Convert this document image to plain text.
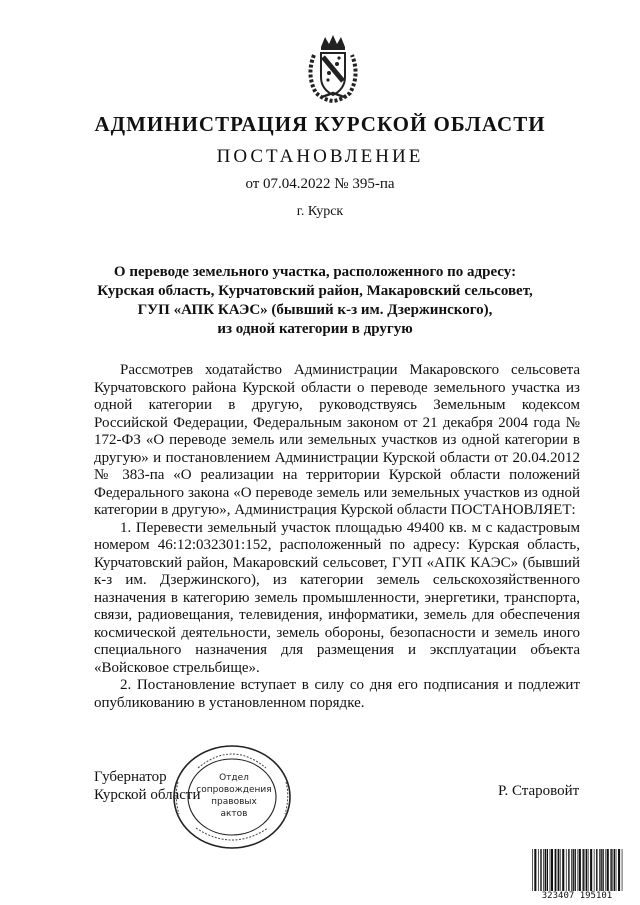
АДМИНИСТРАЦИЯ КУРСКОЙ ОБЛАСТИ
ПОСТАНОВЛЕНИЕ
от 07.04.2022 № 395-па
г. Курск
О переводе земельного участка, расположенного по адресу:
Курская область, Курчатовский район, Макаровский сельсовет,
ГУП «АПК КАЭС» (бывший к-з им. Дзержинского),
из одной категории в другую

Рассмотрев ходатайство Администрации Макаровского сельсовета Курчатовского района Курской области о переводе земельного участка из одной категории в другую, руководствуясь Земельным кодексом Российской Федерации, Федеральным законом от 21 декабря 2004 года № 172-ФЗ «О переводе земель или земельных участков из одной категории в другую» и постановлением Администрации Курской области от 20.04.2012 № 383-па «О реализации на территории Курской области положений Федерального закона «О переводе земель или земельных участков из одной категории в другую», Администрация Курской области ПОСТАНОВЛЯЕТ:

1. Перевести земельный участок площадью 49400 кв. м с кадастровым номером 46:12:032301:152, расположенный по адресу: Курская область, Курчатовский район, Макаровский сельсовет, ГУП «АПК КАЭС» (бывший к-з им. Дзержинского), из категории земель сельскохозяйственного назначения в категорию земель промышленности, энергетики, транспорта, связи, радиовещания, телевидения, информатики, земель для обеспечения космической деятельности, земель обороны, безопасности и земель иного специального назначения для размещения и эксплуатации объекта «Войсковое стрельбище».

2. Постановление вступает в силу со дня его подписания и подлежит опубликованию в установленном порядке.

Губернатор
Курской области	Р. Старовойт
Отдел
сопровождения
правовых
актов
323407 195101
